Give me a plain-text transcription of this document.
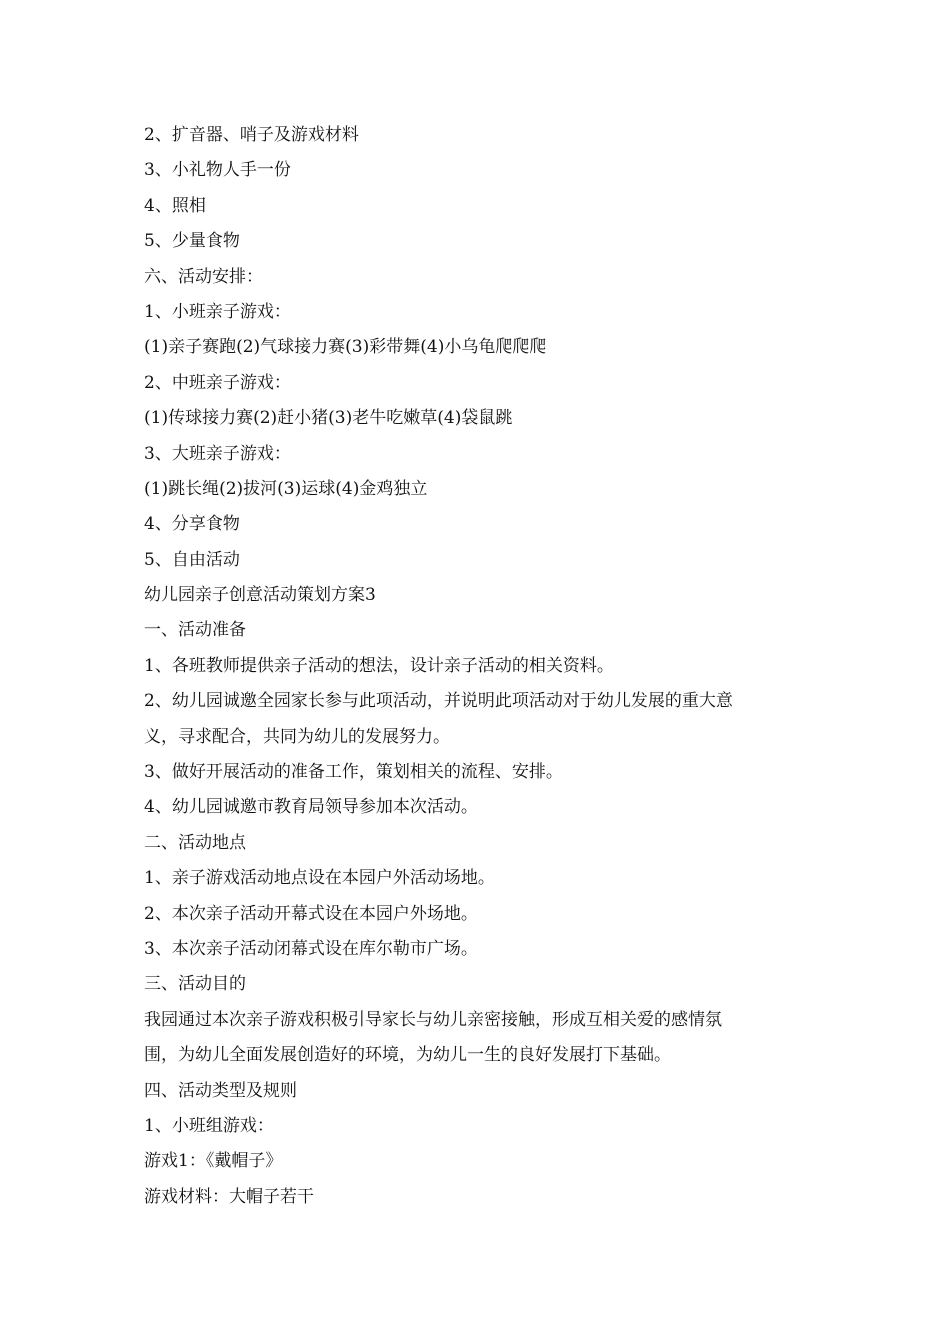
2、扩音器、哨子及游戏材料

3、小礼物人手一份

4、照相

5、少量食物

六、活动安排：

1、小班亲子游戏：

(1)亲子赛跑(2)气球接力赛(3)彩带舞(4)小乌龟爬爬爬

2、中班亲子游戏：

(1)传球接力赛(2)赶小猪(3)老牛吃嫩草(4)袋鼠跳

3、大班亲子游戏：

(1)跳长绳(2)拔河(3)运球(4)金鸡独立

4、分享食物

5、自由活动

幼儿园亲子创意活动策划方案3

一、活动准备

1、各班教师提供亲子活动的想法，设计亲子活动的相关资料。

2、幼儿园诚邀全园家长参与此项活动，并说明此项活动对于幼儿发展的重大意

义，寻求配合，共同为幼儿的发展努力。

3、做好开展活动的准备工作，策划相关的流程、安排。

4、幼儿园诚邀市教育局领导参加本次活动。

二、活动地点

1、亲子游戏活动地点设在本园户外活动场地。

2、本次亲子活动开幕式设在本园户外场地。

3、本次亲子活动闭幕式设在库尔勒市广场。

三、活动目的

我园通过本次亲子游戏积极引导家长与幼儿亲密接触，形成互相关爱的感情氛

围，为幼儿全面发展创造好的环境，为幼儿一生的良好发展打下基础。

四、活动类型及规则

1、小班组游戏：

游戏1：《戴帽子》

游戏材料：大帽子若干
